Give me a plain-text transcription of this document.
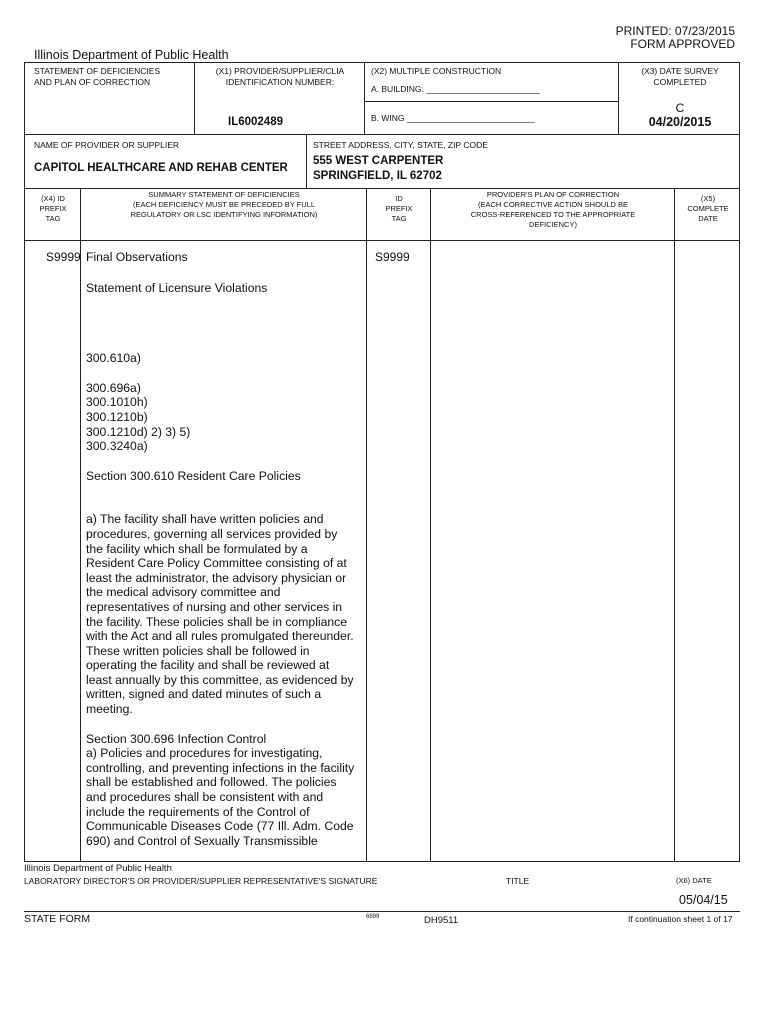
PRINTED: 07/23/2015
FORM APPROVED
Illinois Department of Public Health
STATEMENT OF DEFICIENCIES
AND PLAN OF CORRECTION
(X1) PROVIDER/SUPPLIER/CLIA
IDENTIFICATION NUMBER:
IL6002489
(X2) MULTIPLE CONSTRUCTION
A. BUILDING: ________________________
B. WING ___________________________
(X3) DATE SURVEY
COMPLETED
C
04/20/2015
NAME OF PROVIDER OR SUPPLIER
CAPITOL HEALTHCARE AND REHAB CENTER
STREET ADDRESS, CITY, STATE, ZIP CODE
555 WEST CARPENTER
SPRINGFIELD, IL 62702
(X4) ID
PREFIX
TAG
SUMMARY STATEMENT OF DEFICIENCIES
(EACH DEFICIENCY MUST BE PRECEDED BY FULL
REGULATORY OR LSC IDENTIFYING INFORMATION)
ID
PREFIX
TAG
PROVIDER'S PLAN OF CORRECTION
(EACH CORRECTIVE ACTION SHOULD BE
CROSS-REFERENCED TO THE APPROPRIATE
DEFICIENCY)
(X5)
COMPLETE
DATE
S9999	S9999
Final Observations
Statement of Licensure Violations
300.610a)
300.696a)
300.1010h)
300.1210b)
300.1210d) 2) 3) 5)
300.3240a)
Section 300.610 Resident Care Policies
a) The facility shall have written policies and
procedures, governing all services provided by
the facility which shall be formulated by a
Resident Care Policy Committee consisting of at
least the administrator, the advisory physician or
the medical advisory committee and
representatives of nursing and other services in
the facility. These policies shall be in compliance
with the Act and all rules promulgated thereunder.
These written policies shall be followed in
operating the facility and shall be reviewed at
least annually by this committee, as evidenced by
written, signed and dated minutes of such a
meeting.
Section 300.696 Infection Control
a) Policies and procedures for investigating,
controlling, and preventing infections in the facility
shall be established and followed. The policies
and procedures shall be consistent with and
include the requirements of the Control of
Communicable Diseases Code (77 Ill. Adm. Code
690) and Control of Sexually Transmissible
Illinois Department of Public Health
LABORATORY DIRECTOR'S OR PROVIDER/SUPPLIER REPRESENTATIVE'S SIGNATURE	TITLE	(X6) DATE
05/04/15
STATE FORM	6899	DH9511	If continuation sheet 1 of 17
